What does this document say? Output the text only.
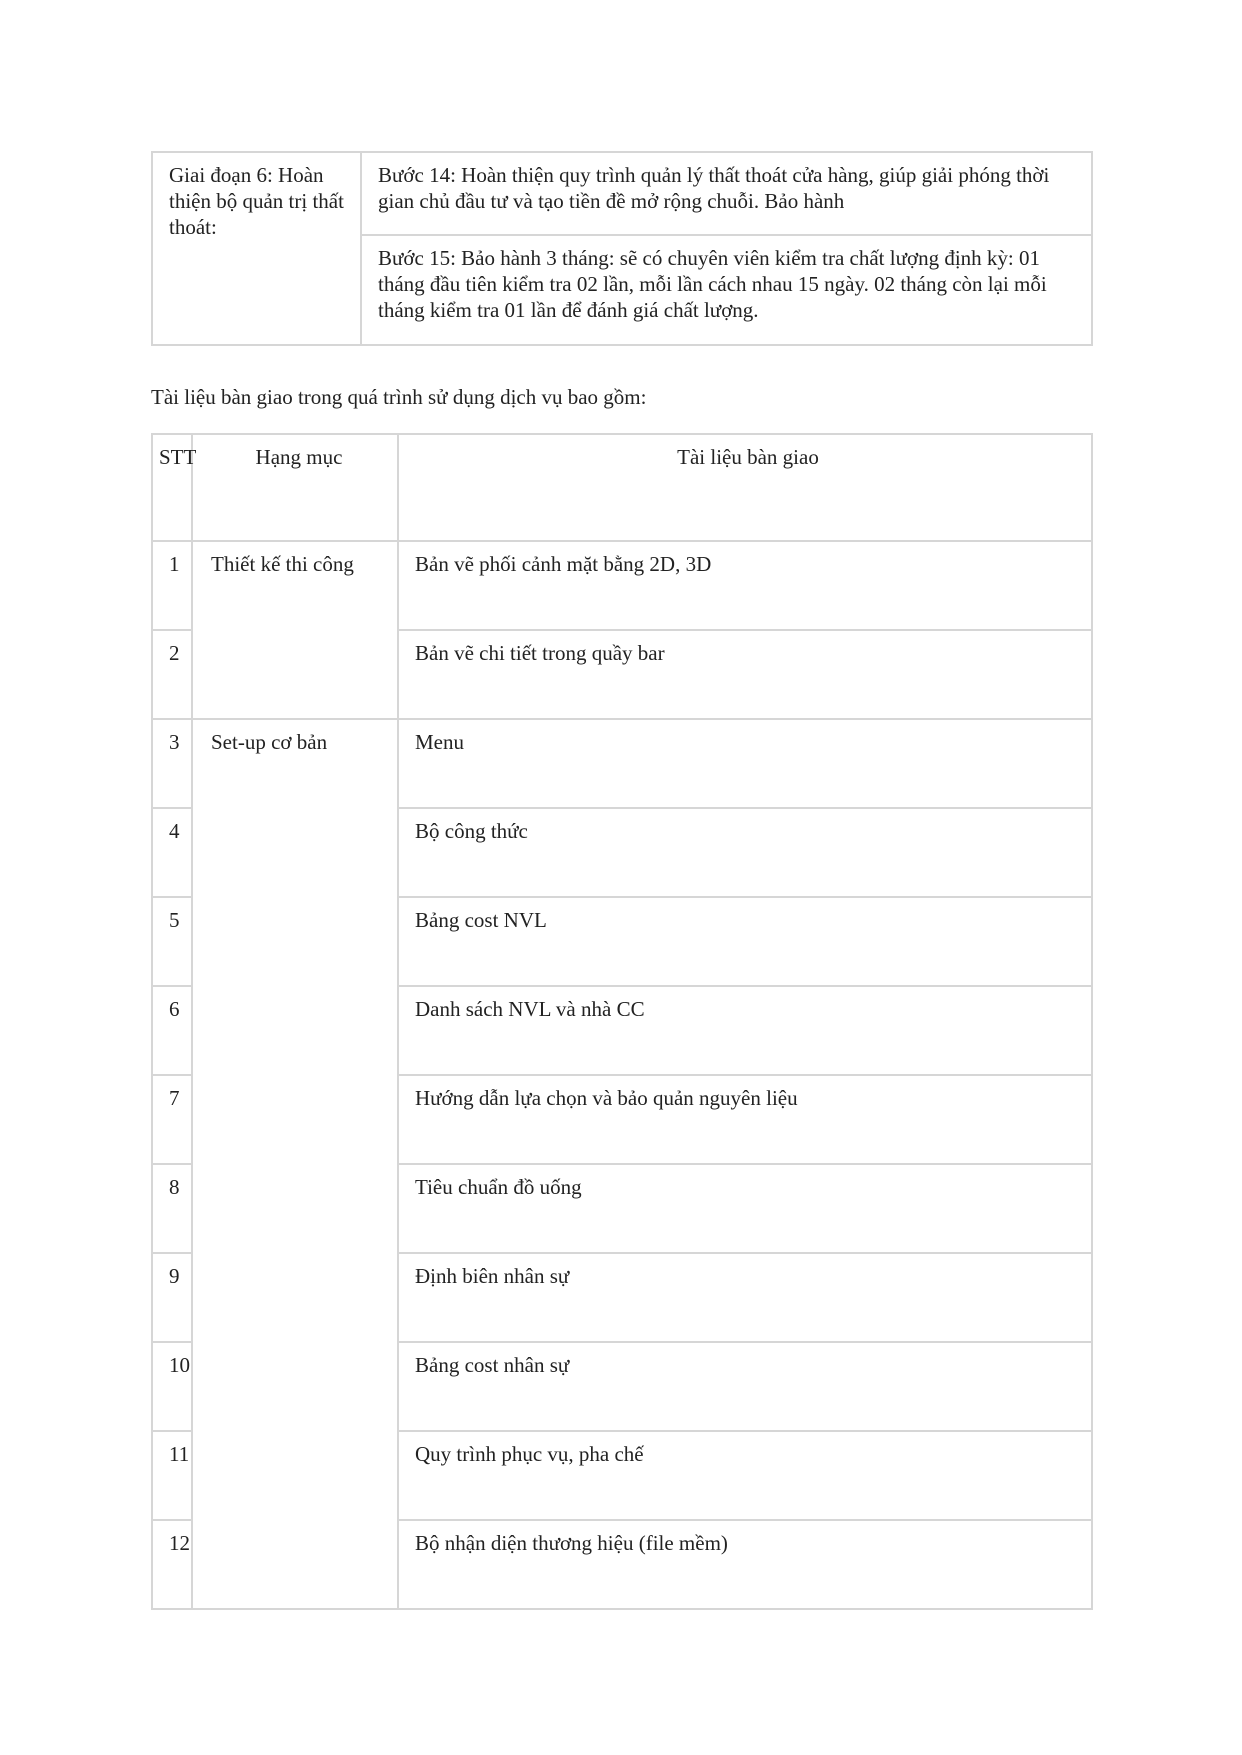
Giai đoạn 6: Hoàn thiện bộ quản trị thất thoát:	Bước 14: Hoàn thiện quy trình quản lý thất thoát cửa hàng, giúp giải phóng thời gian chủ đầu tư và tạo tiền đề mở rộng chuỗi. Bảo hành
Bước 15: Bảo hành 3 tháng: sẽ có chuyên viên kiểm tra chất lượng định kỳ: 01 tháng đầu tiên kiểm tra 02 lần, mỗi lần cách nhau 15 ngày. 02 tháng còn lại mỗi tháng kiểm tra 01 lần để đánh giá chất lượng.
Tài liệu bàn giao trong quá trình sử dụng dịch vụ bao gồm:
STT	Hạng mục	Tài liệu bàn giao
1	Thiết kế thi công	Bản vẽ phối cảnh mặt bằng 2D, 3D
2		Bản vẽ chi tiết trong quầy bar
3	Set-up cơ bản	Menu
4		Bộ công thức
5		Bảng cost NVL
6		Danh sách NVL và nhà CC
7		Hướng dẫn lựa chọn và bảo quản nguyên liệu
8		Tiêu chuẩn đồ uống
9		Định biên nhân sự
10		Bảng cost nhân sự
11		Quy trình phục vụ, pha chế
12		Bộ nhận diện thương hiệu (file mềm)
